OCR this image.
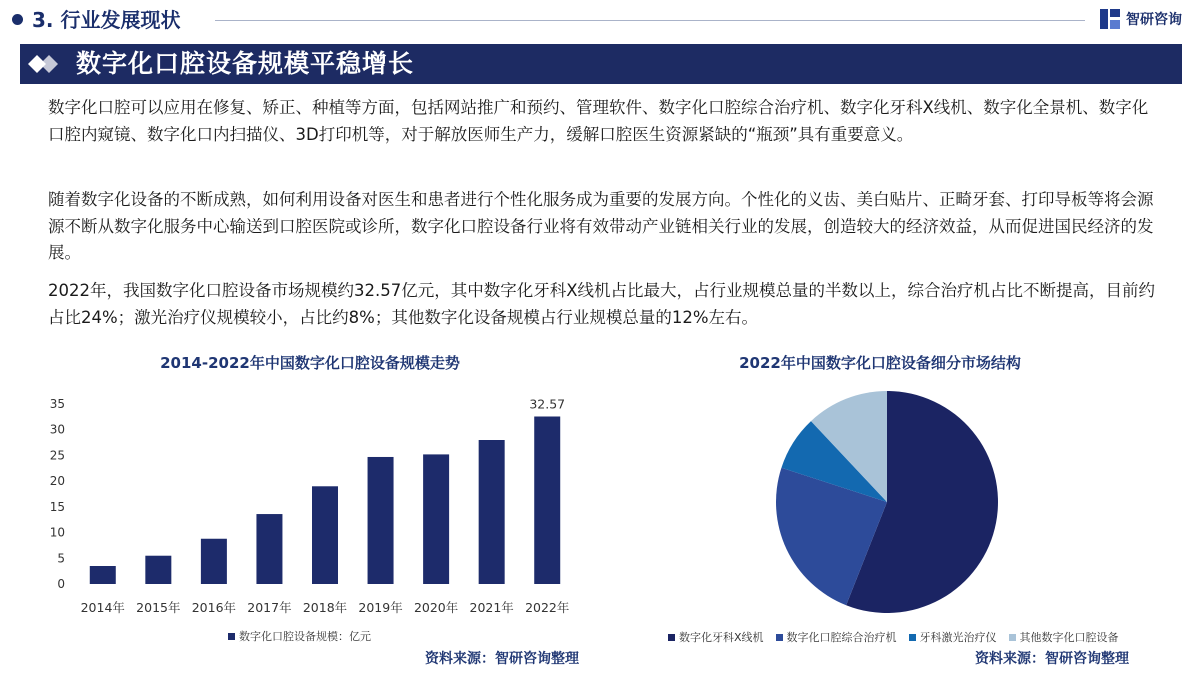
3. 行业发展现状	智研咨询
数字化口腔设备规模平稳增长
数字化口腔可以应用在修复、矫正、种植等方面，包括网站推广和预约、管理软件、数字化口腔综合治疗机、数字化牙科X线机、数字化全景机、数字化口腔内窥镜、数字化口内扫描仪、3D打印机等，对于解放医师生产力，缓解口腔医生资源紧缺的“瓶颈”具有重要意义。
随着数字化设备的不断成熟，如何利用设备对医生和患者进行个性化服务成为重要的发展方向。个性化的义齿、美白贴片、正畸牙套、打印导板等将会源源不断从数字化服务中心输送到口腔医院或诊所，数字化口腔设备行业将有效带动产业链相关行业的发展，创造较大的经济效益，从而促进国民经济的发展。
2022年，我国数字化口腔设备市场规模约32.57亿元，其中数字化牙科X线机占比最大，占行业规模总量的半数以上，综合治疗机占比不断提高，目前约占比24%；激光治疗仪规模较小，占比约8%；其他数字化设备规模占行业规模总量的12%左右。
2014-2022年中国数字化口腔设备规模走势
0
5
10
15
20
25
30
35
2014年 2015年 2016年 2017年 2018年 2019年 2020年 2021年 2022年
32.57
数字化口腔设备规模：亿元
资料来源：智研咨询整理
2022年中国数字化口腔设备细分市场结构
数字化牙科X线机 数字化口腔综合治疗机 牙科激光治疗仪 其他数字化口腔设备
资料来源：智研咨询整理
